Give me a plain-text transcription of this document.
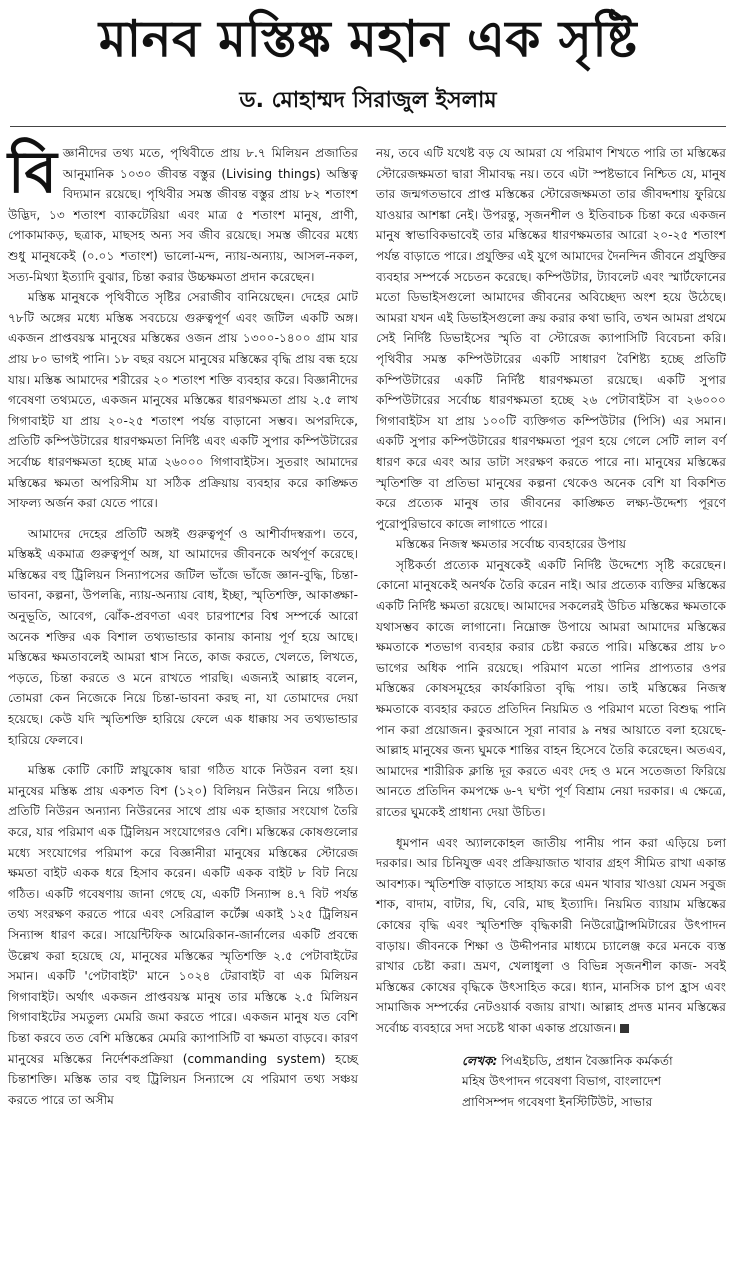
মানব মস্তিষ্ক মহান এক সৃষ্টি
ড. মোহাম্মদ সিরাজুল ইসলাম

বি জ্ঞানীদের তথ্য মতে, পৃথিবীতে প্রায় ৮.৭ মিলিয়ন প্রজাতির আনুমানিক ১০৩০ জীবন্ত বস্তুর (Livising things) অস্তিত্ব বিদ্যমান রয়েছে। পৃথিবীর সমস্ত জীবন্ত বস্তুর প্রায় ৮২ শতাংশ উদ্ভিদ, ১৩ শতাংশ ব্যাকটেরিয়া এবং মাত্র ৫ শতাংশ মানুষ, প্রাণী, পোকামাকড়, ছত্রাক, মাছসহ অন্য সব জীব রয়েছে। সমস্ত জীবের মধ্যে শুধু মানুষকেই (০.০১ শতাংশ) ভালো-মন্দ, ন্যায়-অন্যায়, আসল-নকল, সত্য-মিথ্যা ইত্যাদি বুঝার, চিন্তা করার উচ্চক্ষমতা প্রদান করেছেন।

মস্তিষ্ক মানুষকে পৃথিবীতে সৃষ্টির সেরাজীব বানিয়েছেন। দেহের মোট ৭৮টি অঙ্গের মধ্যে মস্তিষ্ক সবচেয়ে গুরুত্বপূর্ণ এবং জটিল একটি অঙ্গ। একজন প্রাপ্তবয়স্ক মানুষের মস্তিষ্কের ওজন প্রায় ১৩০০-১৪০০ গ্রাম যার প্রায় ৮০ ভাগই পানি। ১৮ বছর বয়সে মানুষের মস্তিষ্কের বৃদ্ধি প্রায় বন্ধ হয়ে যায়। মস্তিষ্ক আমাদের শরীরের ২০ শতাংশ শক্তি ব্যবহার করে। বিজ্ঞানীদের গবেষণা তথ্যমতে, একজন মানুষের মস্তিষ্কের ধারণক্ষমতা প্রায় ২.৫ লাখ গিগাবাইট যা প্রায় ২০-২৫ শতাংশ পর্যন্ত বাড়ানো সম্ভব। অপরদিকে, প্রতিটি কম্পিউটারের ধারণক্ষমতা নির্দিষ্ট এবং একটি সুপার কম্পিউটারের সর্বোচ্চ ধারণক্ষমতা হচ্ছে মাত্র ২৬০০০ গিগাবাইটস। সুতরাং আমাদের মস্তিষ্কের ক্ষমতা অপরিসীম যা সঠিক প্রক্রিয়ায় ব্যবহার করে কাঙ্ক্ষিত সাফল্য অর্জন করা যেতে পারে।

আমাদের দেহের প্রতিটি অঙ্গই গুরুত্বপূর্ণ ও আশীর্বাদস্বরূপ। তবে, মস্তিষ্কই একমাত্র গুরুত্বপূর্ণ অঙ্গ, যা আমাদের জীবনকে অর্থপূর্ণ করেছে। মস্তিষ্কের বহু ট্রিলিয়ন সিন্যাপসের জটিল ভাঁজে ভাঁজে জ্ঞান-বুদ্ধি, চিন্তা-ভাবনা, কল্পনা, উপলব্ধি, ন্যায়-অন্যায় বোধ, ইচ্ছা, স্মৃতিশক্তি, আকাঙ্ক্ষা-অনুভূতি, আবেগ, ঝোঁক-প্রবণতা এবং চারপাশের বিশ্ব সম্পর্কে আরো অনেক শক্তির এক বিশাল তথ্যভান্ডার কানায় কানায় পূর্ণ হয়ে আছে। মস্তিষ্কের ক্ষমতাবলেই আমরা শ্বাস নিতে, কাজ করতে, খেলতে, লিখতে, পড়তে, চিন্তা করতে ও মনে রাখতে পারছি। এজন্যই আল্লাহ বলেন, তোমরা কেন নিজেকে নিয়ে চিন্তা-ভাবনা করছ না, যা তোমাদের দেয়া হয়েছে। কেউ যদি স্মৃতিশক্তি হারিয়ে ফেলে এক ধাক্কায় সব তথ্যভান্ডার হারিয়ে ফেলবে।

মস্তিষ্ক কোটি কোটি স্নায়ুকোষ দ্বারা গঠিত যাকে নিউরন বলা হয়। মানুষের মস্তিষ্ক প্রায় একশত বিশ (১২০) বিলিয়ন নিউরন নিয়ে গঠিত। প্রতিটি নিউরন অন্যান্য নিউরনের সাথে প্রায় এক হাজার সংযোগ তৈরি করে, যার পরিমাণ এক ট্রিলিয়ন সংযোগেরও বেশি। মস্তিষ্কের কোষগুলোর মধ্যে সংযোগের পরিমাপ করে বিজ্ঞানীরা মানুষের মস্তিষ্কের স্টোরেজ ক্ষমতা বাইট একক ধরে হিসাব করেন। একটি একক বাইট ৮ বিট নিয়ে গঠিত। একটি গবেষণায় জানা গেছে যে, একটি সিন্যান্স ৪.৭ বিট পর্যন্ত তথ্য সংরক্ষণ করতে পারে এবং সেরিব্রাল কর্টেক্স একাই ১২৫ ট্রিলিয়ন সিন্যান্স ধারণ করে। সায়েন্টিফিক আমেরিকান-জার্নালের একটি প্রবন্ধে উল্লেখ করা হয়েছে যে, মানুষের মস্তিষ্কের স্মৃতিশক্তি ২.৫ পেটাবাইটের সমান। একটি 'পেটাবাইট' মানে ১০২৪ টেরাবাইট বা এক মিলিয়ন গিগাবাইট। অর্থাৎ একজন প্রাপ্তবয়স্ক মানুষ তার মস্তিষ্কে ২.৫ মিলিয়ন গিগাবাইটের সমতুল্য মেমরি জমা করতে পারে। একজন মানুষ যত বেশি চিন্তা করবে তত বেশি মস্তিষ্কের মেমরি ক্যাপাসিটি বা ক্ষমতা বাড়বে। কারণ মানুষের মস্তিষ্কের নির্দেশকপ্রক্রিয়া (commanding system) হচ্ছে চিন্তাশক্তি। মস্তিষ্ক তার বহু ট্রিলিয়ন সিন্যান্সে যে পরিমাণ তথ্য সঞ্চয় করতে পারে তা অসীম

নয়, তবে এটি যথেষ্ট বড় যে আমরা যে পরিমাণ শিখতে পারি তা মস্তিষ্কের স্টোরেজক্ষমতা দ্বারা সীমাবদ্ধ নয়। তবে এটা স্পষ্টভাবে নিশ্চিত যে, মানুষ তার জন্মগতভাবে প্রাপ্ত মস্তিষ্কের স্টোরেজক্ষমতা তার জীবদ্দশায় ফুরিয়ে যাওয়ার আশঙ্কা নেই। উপরন্তু, সৃজনশীল ও ইতিবাচক চিন্তা করে একজন মানুষ স্বাভাবিকভাবেই তার মস্তিষ্কের ধারণক্ষমতার আরো ২০-২৫ শতাংশ পর্যন্ত বাড়াতে পারে। প্রযুক্তির এই যুগে আমাদের দৈনন্দিন জীবনে প্রযুক্তির ব্যবহার সম্পর্কে সচেতন করেছে। কম্পিউটার, ট্যাবলেট এবং স্মার্টফোনের মতো ডিভাইসগুলো আমাদের জীবনের অবিচ্ছেদ্য অংশ হয়ে উঠেছে। আমরা যখন এই ডিভাইসগুলো ক্রয় করার কথা ভাবি, তখন আমরা প্রথমে সেই নির্দিষ্ট ডিভাইসের স্মৃতি বা স্টোরেজ ক্যাপাসিটি বিবেচনা করি। পৃথিবীর সমস্ত কম্পিউটারের একটি সাধারণ বৈশিষ্ট্য হচ্ছে প্রতিটি কম্পিউটারের একটি নির্দিষ্ট ধারণক্ষমতা রয়েছে। একটি সুপার কম্পিউটারের সর্বোচ্চ ধারণক্ষমতা হচ্ছে ২৬ পেটাবাইটস বা ২৬০০০ গিগাবাইটস যা প্রায় ১০০টি ব্যক্তিগত কম্পিউটার (পিসি) এর সমান। একটি সুপার কম্পিউটারের ধারণক্ষমতা পূরণ হয়ে গেলে সেটি লাল বর্ণ ধারণ করে এবং আর ডাটা সংরক্ষণ করতে পারে না। মানুষের মস্তিষ্কের স্মৃতিশক্তি বা প্রতিভা মানুষের কল্পনা থেকেও অনেক বেশি যা বিকশিত করে প্রত্যেক মানুষ তার জীবনের কাঙ্ক্ষিত লক্ষ্য-উদ্দেশ্য পূরণে পুরোপুরিভাবে কাজে লাগাতে পারে।

মস্তিষ্কের নিজস্ব ক্ষমতার সর্বোচ্চ ব্যবহারের উপায়

সৃষ্টিকর্তা প্রত্যেক মানুষকেই একটি নির্দিষ্ট উদ্দেশ্যে সৃষ্টি করেছেন। কোনো মানুষকেই অনর্থক তৈরি করেন নাই। আর প্রত্যেক ব্যক্তির মস্তিষ্কের একটি নির্দিষ্ট ক্ষমতা রয়েছে। আমাদের সকলেরই উচিত মস্তিষ্কের ক্ষমতাকে যথাসম্ভব কাজে লাগানো। নিম্নোক্ত উপায়ে আমরা আমাদের মস্তিষ্কের ক্ষমতাকে শতভাগ ব্যবহার করার চেষ্টা করতে পারি। মস্তিষ্কের প্রায় ৮০ ভাগের অধিক পানি রয়েছে। পরিমাণ মতো পানির প্রাপ্যতার ওপর মস্তিষ্কের কোষসমূহের কার্যকারিতা বৃদ্ধি পায়। তাই মস্তিষ্কের নিজস্ব ক্ষমতাকে ব্যবহার করতে প্রতিদিন নিয়মিত ও পরিমাণ মতো বিশুদ্ধ পানি পান করা প্রয়োজন। কুরআনে সূরা নাবার ৯ নম্বর আয়াতে বলা হয়েছে- আল্লাহ মানুষের জন্য ঘুমকে শান্তির বাহন হিসেবে তৈরি করেছেন। অতএব, আমাদের শারীরিক ক্লান্তি দূর করতে এবং দেহ ও মনে সতেজতা ফিরিয়ে আনতে প্রতিদিন কমপক্ষে ৬-৭ ঘণ্টা পূর্ণ বিশ্রাম নেয়া দরকার। এ ক্ষেত্রে, রাতের ঘুমকেই প্রাধান্য দেয়া উচিত।

ধূমপান এবং অ্যালকোহল জাতীয় পানীয় পান করা এড়িয়ে চলা দরকার। আর চিনিযুক্ত এবং প্রক্রিয়াজাত খাবার গ্রহণ সীমিত রাখা একান্ত আবশ্যক। স্মৃতিশক্তি বাড়াতে সাহায্য করে এমন খাবার খাওয়া যেমন সবুজ শাক, বাদাম, বাটার, ঘি, বেরি, মাছ ইত্যাদি। নিয়মিত ব্যায়াম মস্তিষ্কের কোষের বৃদ্ধি এবং স্মৃতিশক্তি বৃদ্ধিকারী নিউরোট্রান্সমিটারের উৎপাদন বাড়ায়। জীবনকে শিক্ষা ও উদ্দীপনার মাধ্যমে চ্যালেঞ্জ করে মনকে ব্যস্ত রাখার চেষ্টা করা। ভ্রমণ, খেলাধুলা ও বিভিন্ন সৃজনশীল কাজ- সবই মস্তিষ্কের কোষের বৃদ্ধিকে উৎসাহিত করে। ধ্যান, মানসিক চাপ হ্রাস এবং সামাজিক সম্পর্কের নেটওয়ার্ক বজায় রাখা। আল্লাহ প্রদত্ত মানব মস্তিষ্কের সর্বোচ্চ ব্যবহারে সদা সচেষ্ট থাকা একান্ত প্রয়োজন।

লেখক: পিএইচডি, প্রধান বৈজ্ঞানিক কর্মকর্তা
মহিষ উৎপাদন গবেষণা বিভাগ, বাংলাদেশ
প্রাণিসম্পদ গবেষণা ইনস্টিটিউট, সাভার
